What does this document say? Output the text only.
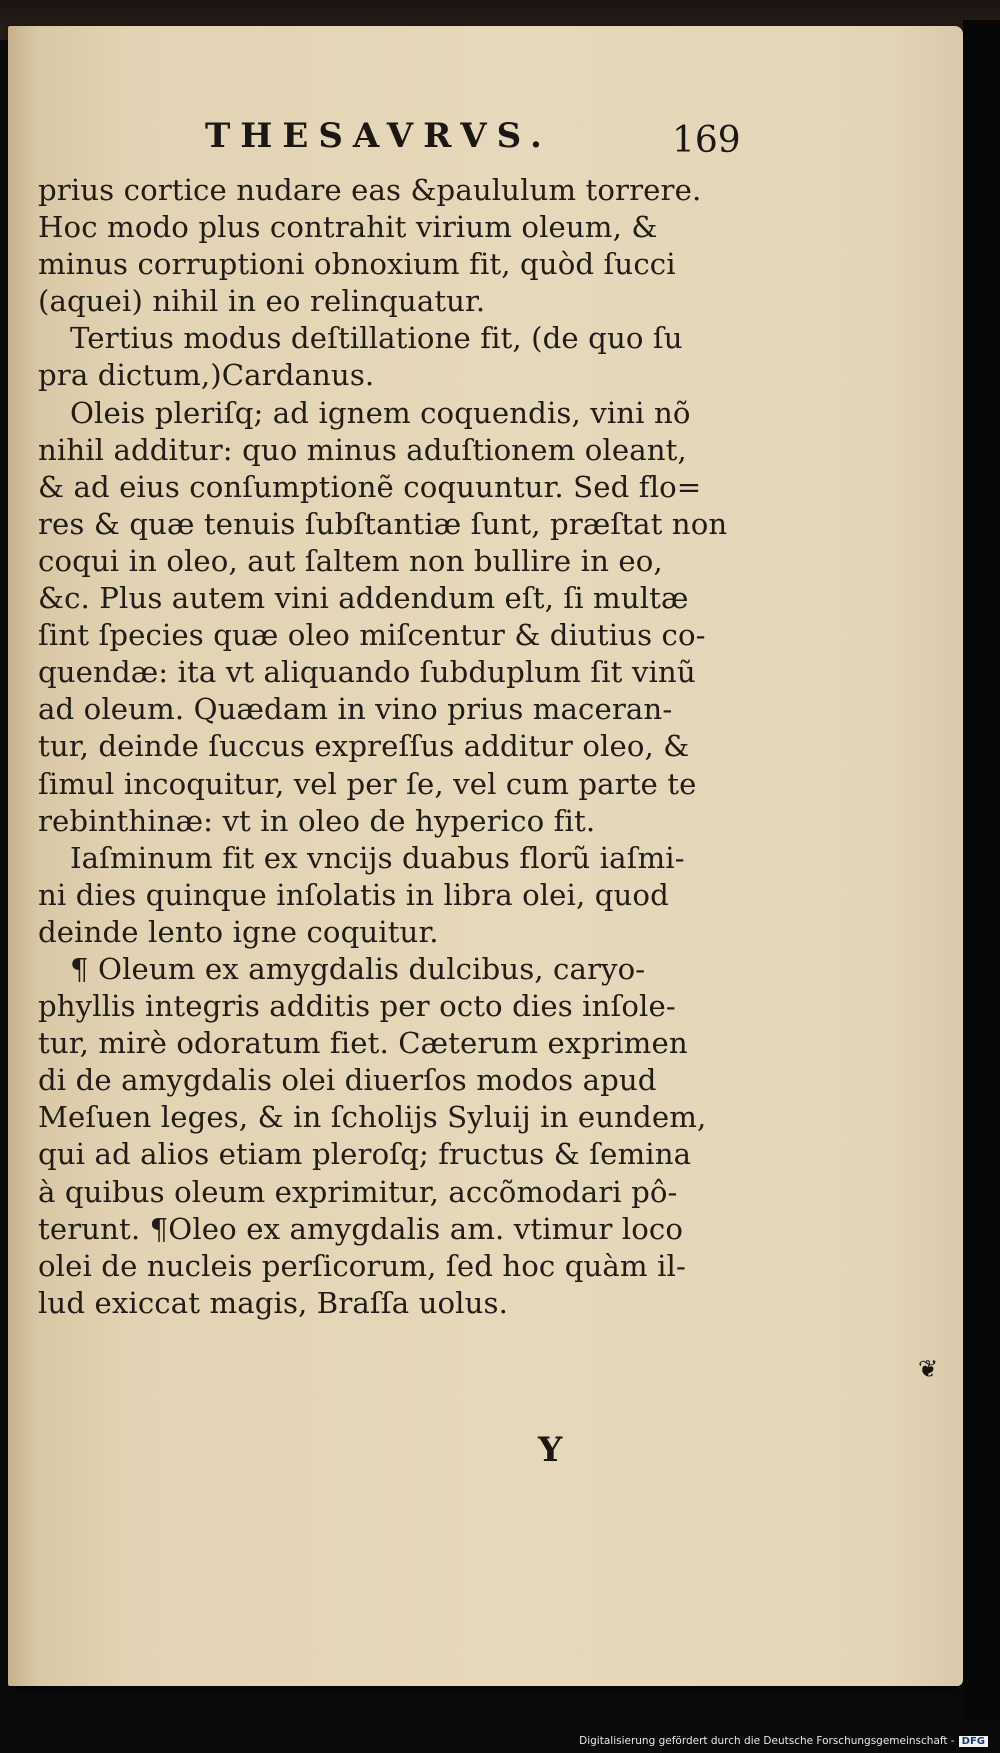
THESAVRVS.	169
prius cortice nudare eas &paululum torrere.
Hoc modo plus contrahit virium oleum, &
minus corruptioni obnoxium fit, quòd ſucci
(aquei) nihil in eo relinquatur.
Tertius modus deſtillatione fit, (de quo ſu
pra dictum,)Cardanus.
Oleis pleriſq; ad ignem coquendis, vini nõ
nihil additur: quo minus aduſtionem oleant,
& ad eius conſumptionẽ coquuntur. Sed flo=
res & quæ tenuis ſubſtantiæ ſunt, præſtat non
coqui in oleo, aut ſaltem non bullire in eo,
&c. Plus autem vini addendum eſt, ſi multæ
ſint ſpecies quæ oleo miſcentur & diutius co-
quendæ: ita vt aliquando ſubduplum ſit vinũ
ad oleum. Quædam in vino prius maceran-
tur, deinde ſuccus expreſſus additur oleo, &
ſimul incoquitur, vel per ſe, vel cum parte te
rebinthinæ: vt in oleo de hyperico fit.
Iaſminum fit ex vncijs duabus florũ iaſmi-
ni dies quinque inſolatis in libra olei, quod
deinde lento igne coquitur.
¶ Oleum ex amygdalis dulcibus, caryo-
phyllis integris additis per octo dies inſole-
tur, mirè odoratum fiet. Cæterum exprimen
di de amygdalis olei diuerſos modos apud
Meſuen leges, & in ſcholijs Syluij in eundem,
qui ad alios etiam pleroſq; fructus & ſemina
à quibus oleum exprimitur, accõmodari pô-
terunt. ¶Oleo ex amygdalis am. vtimur loco
olei de nucleis perſicorum, ſed hoc quàm il-
lud exiccat magis, Braſſa uolus.
Y
❦
Digitalisierung gefördert durch die Deutsche Forschungsgemeinschaft - DFG
